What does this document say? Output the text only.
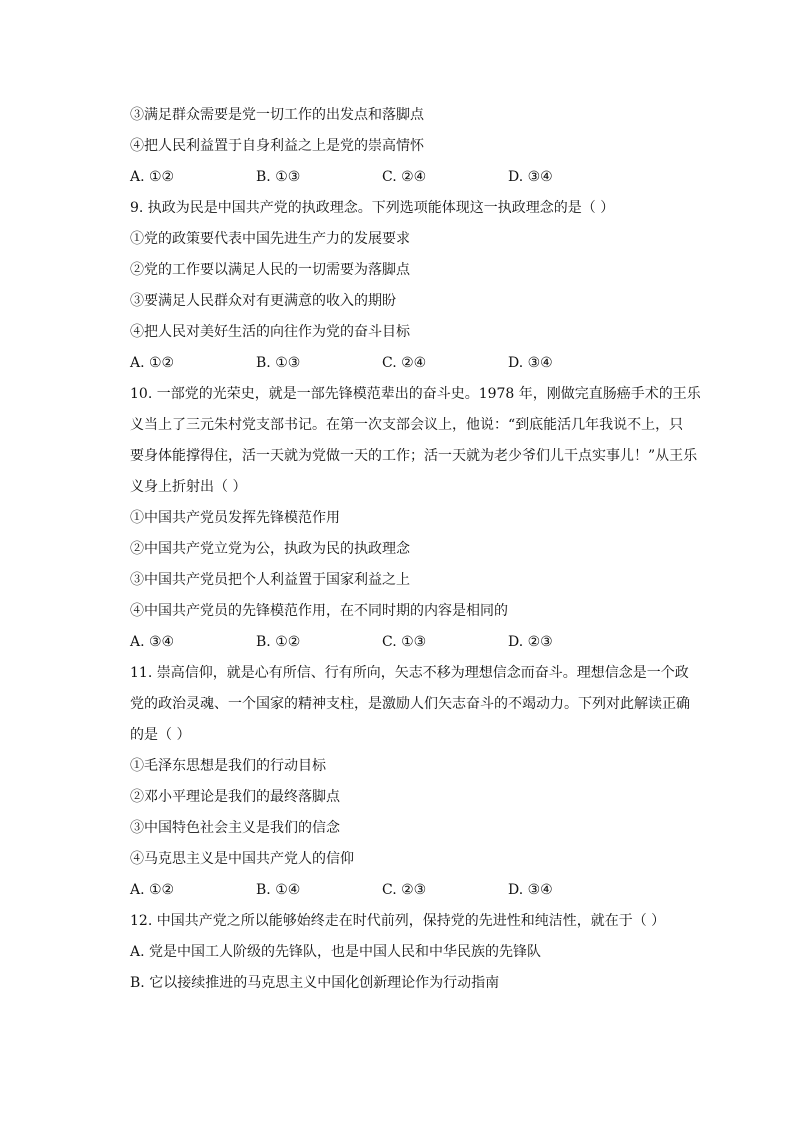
③满足群众需要是党一切工作的出发点和落脚点
④把人民利益置于自身利益之上是党的崇高情怀
A. ①②	B. ①③	C. ②④	D. ③④
9. 执政为民是中国共产党的执政理念。下列选项能体现这一执政理念的是（ ）
①党的政策要代表中国先进生产力的发展要求
②党的工作要以满足人民的一切需要为落脚点
③要满足人民群众对有更满意的收入的期盼
④把人民对美好生活的向往作为党的奋斗目标
A. ①②	B. ①③	C. ②④	D. ③④
10. 一部党的光荣史，就是一部先锋模范辈出的奋斗史。1978 年，刚做完直肠癌手术的王乐
义当上了三元朱村党支部书记。在第一次支部会议上，他说：“到底能活几年我说不上，只
要身体能撑得住，活一天就为党做一天的工作；活一天就为老少爷们儿干点实事儿！”从王乐
义身上折射出（ ）
①中国共产党员发挥先锋模范作用
②中国共产党立党为公，执政为民的执政理念
③中国共产党员把个人利益置于国家利益之上
④中国共产党员的先锋模范作用，在不同时期的内容是相同的
A. ③④	B. ①②	C. ①③	D. ②③
11. 崇高信仰，就是心有所信、行有所向，矢志不移为理想信念而奋斗。理想信念是一个政
党的政治灵魂、一个国家的精神支柱，是激励人们矢志奋斗的不竭动力。下列对此解读正确
的是（ ）
①毛泽东思想是我们的行动目标
②邓小平理论是我们的最终落脚点
③中国特色社会主义是我们的信念
④马克思主义是中国共产党人的信仰
A. ①②	B. ①④	C. ②③	D. ③④
12. 中国共产党之所以能够始终走在时代前列，保持党的先进性和纯洁性，就在于（ ）
A. 党是中国工人阶级的先锋队，也是中国人民和中华民族的先锋队
B. 它以接续推进的马克思主义中国化创新理论作为行动指南
